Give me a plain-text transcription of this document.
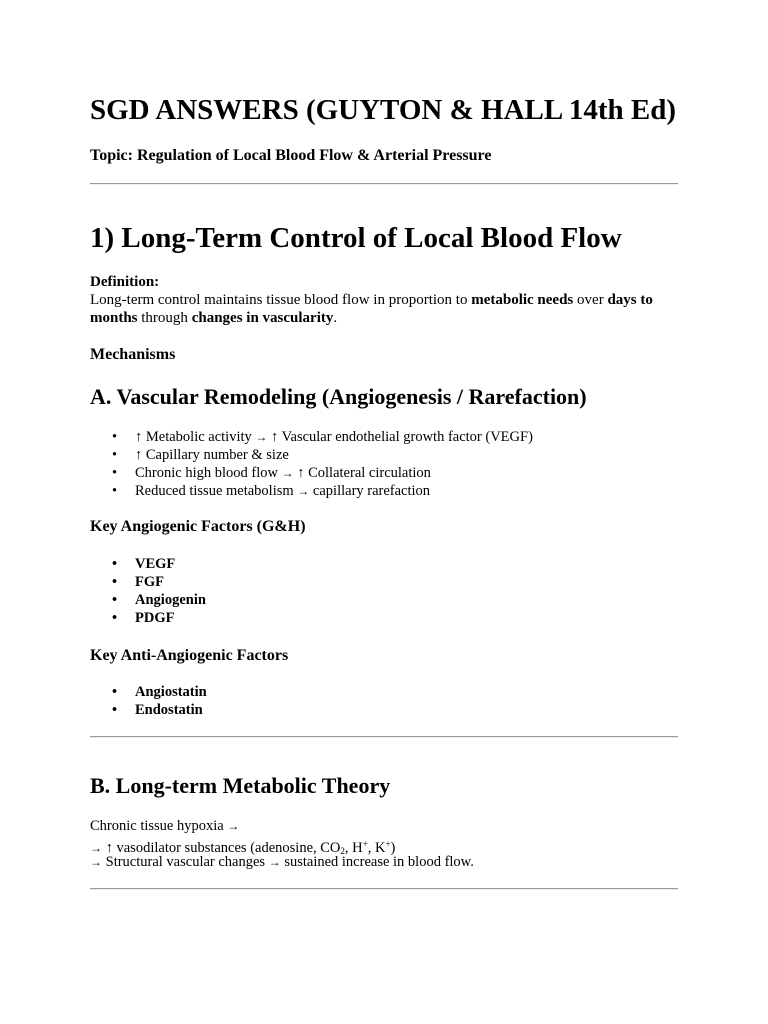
SGD ANSWERS (GUYTON & HALL 14th Ed)

Topic: Regulation of Local Blood Flow & Arterial Pressure

1) Long-Term Control of Local Blood Flow

Definition:

Long-term control maintains tissue blood flow in proportion to metabolic needs over days to months through changes in vascularity.

Mechanisms

A. Vascular Remodeling (Angiogenesis / Rarefaction)
• ↑ Metabolic activity → ↑ Vascular endothelial growth factor (VEGF)
• ↑ Capillary number & size
• Chronic high blood flow → ↑ Collateral circulation
• Reduced tissue metabolism → capillary rarefaction

Key Angiogenic Factors (G&H)

• VEGF
• FGF
• Angiogenin
• PDGF

Key Anti-Angiogenic Factors

• Angiostatin
• Endostatin
B. Long-term Metabolic Theory

Chronic tissue hypoxia →

→ ↑ vasodilator substances (adenosine, $CO_2$, H+, K+)

→ Structural vascular changes → sustained increase in blood flow.
